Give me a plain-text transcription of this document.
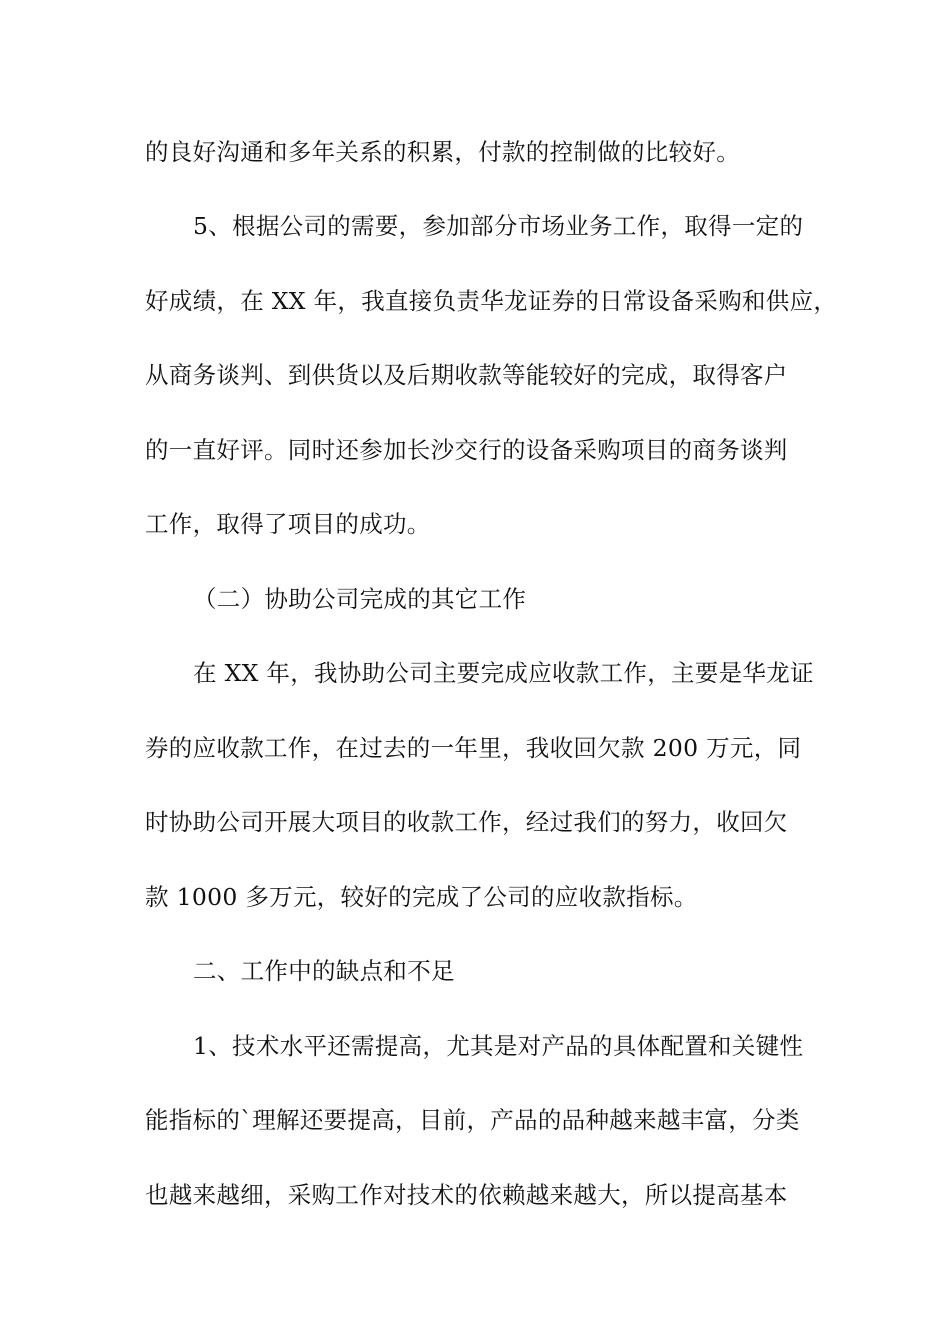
的良好沟通和多年关系的积累，付款的控制做的比较好。
5、根据公司的需要，参加部分市场业务工作，取得一定的
好成绩，在 XX 年，我直接负责华龙证券的日常设备采购和供应，
从商务谈判、到供货以及后期收款等能较好的完成，取得客户
的一直好评。同时还参加长沙交行的设备采购项目的商务谈判
工作，取得了项目的成功。
（二）协助公司完成的其它工作
在 XX 年，我协助公司主要完成应收款工作，主要是华龙证
券的应收款工作，在过去的一年里，我收回欠款 200 万元，同
时协助公司开展大项目的收款工作，经过我们的努力，收回欠
款 1000 多万元，较好的完成了公司的应收款指标。
二、工作中的缺点和不足
1、技术水平还需提高，尤其是对产品的具体配置和关键性
能指标的`理解还要提高，目前，产品的品种越来越丰富，分类
也越来越细，采购工作对技术的依赖越来越大，所以提高基本
